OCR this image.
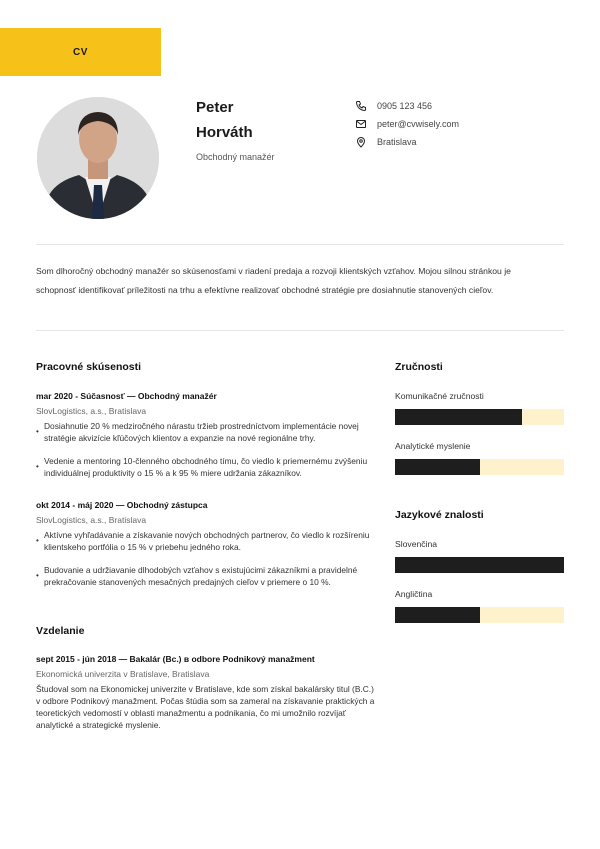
CV
Peter
Horváth
Obchodný manažér
0905 123 456
peter@cvwisely.com
Bratislava
Som dlhoročný obchodný manažér so skúsenosťami v riadení predaja a rozvoji klientských vzťahov. Mojou silnou stránkou je
schopnosť identifikovať príležitosti na trhu a efektívne realizovať obchodné stratégie pre dosiahnutie stanovených cieľov.
Pracovné skúsenosti
mar 2020 - Súčasnosť — Obchodný manažér
SlovLogistics, a.s., Bratislava
• Dosiahnutie 20 % medziročného nárastu tržieb prostredníctvom implementácie novej stratégie akvizície kľúčových klientov a expanzie na nové regionálne trhy.
• Vedenie a mentoring 10-členného obchodného tímu, čo viedlo k priemernému zvýšeniu individuálnej produktivity o 15 % a k 95 % miere udržania zákazníkov.
okt 2014 - máj 2020 — Obchodný zástupca
SlovLogistics, a.s., Bratislava
• Aktívne vyhľadávanie a získavanie nových obchodných partnerov, čo viedlo k rozšíreniu klientskeho portfólia o 15 % v priebehu jedného roka.
• Budovanie a udržiavanie dlhodobých vzťahov s existujúcimi zákazníkmi a pravidelné prekračovanie stanovených mesačných predajných cieľov v priemere o 10 %.
Vzdelanie
sept 2015 - jún 2018 — Bakalár (Bc.) в odbore Podnikový manažment
Ekonomická univerzita v Bratislave, Bratislava

Študoval som na Ekonomickej univerzite v Bratislave, kde som získal bakalársky titul (B.C.) v odbore Podnikový manažment. Počas štúdia som sa zameral na získavanie praktických a teoretických vedomostí v oblasti manažmentu a podnikania, čo mi umožnilo rozvíjať analytické a strategické myslenie.

Zručnosti
Komunikačné zručnosti
Analytické myslenie
Jazykové znalosti
Slovenčina
Angličtina
